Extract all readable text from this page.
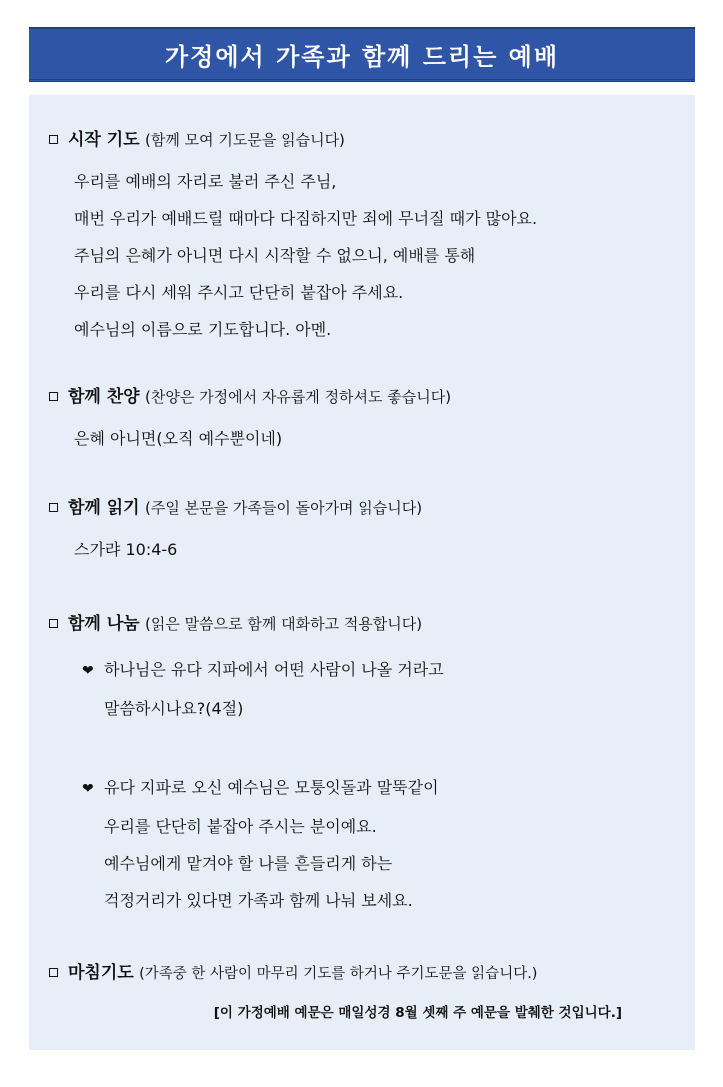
가정에서 가족과 함께 드리는 예배
시작 기도 (함께 모여 기도문을 읽습니다)
우리를 예배의 자리로 불러 주신 주님,
매번 우리가 예배드릴 때마다 다짐하지만 죄에 무너질 때가 많아요.
주님의 은혜가 아니면 다시 시작할 수 없으니, 예배를 통해
우리를 다시 세워 주시고 단단히 붙잡아 주세요.
예수님의 이름으로 기도합니다. 아멘.
함께 찬양 (찬양은 가정에서 자유롭게 정하셔도 좋습니다)
은혜 아니면(오직 예수뿐이네)
함께 읽기 (주일 본문을 가족들이 돌아가며 읽습니다)
스가랴 10:4-6
함께 나눔 (읽은 말씀으로 함께 대화하고 적용합니다)
❤ 하나님은 유다 지파에서 어떤 사람이 나올 거라고
말씀하시나요?(4절)
❤ 유다 지파로 오신 예수님은 모퉁잇돌과 말뚝같이
우리를 단단히 붙잡아 주시는 분이예요.
예수님에게 맡겨야 할 나를 흔들리게 하는
걱정거리가 있다면 가족과 함께 나눠 보세요.
마침기도 (가족중 한 사람이 마무리 기도를 하거나 주기도문을 읽습니다.)
[이 가정예배 예문은 매일성경 8월 셋째 주 예문을 발췌한 것입니다.]
